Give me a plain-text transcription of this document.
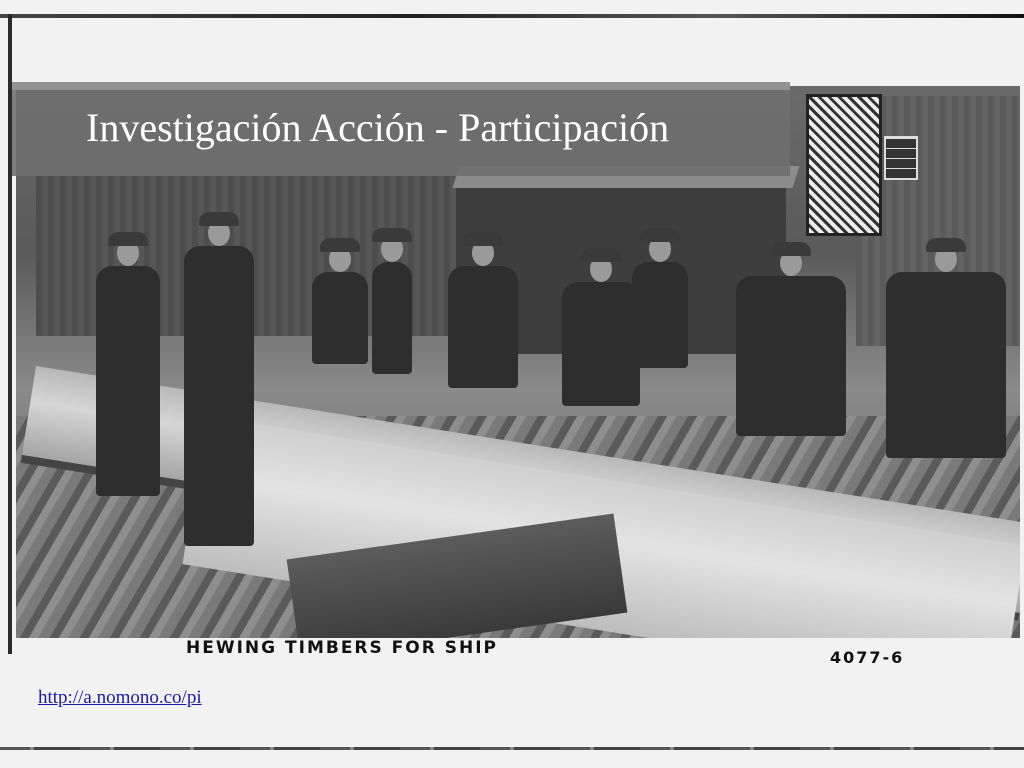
HEWING TIMBERS FOR SHIP	4077-6
Investigación Acción - Participación
http://a.nomono.co/pi
